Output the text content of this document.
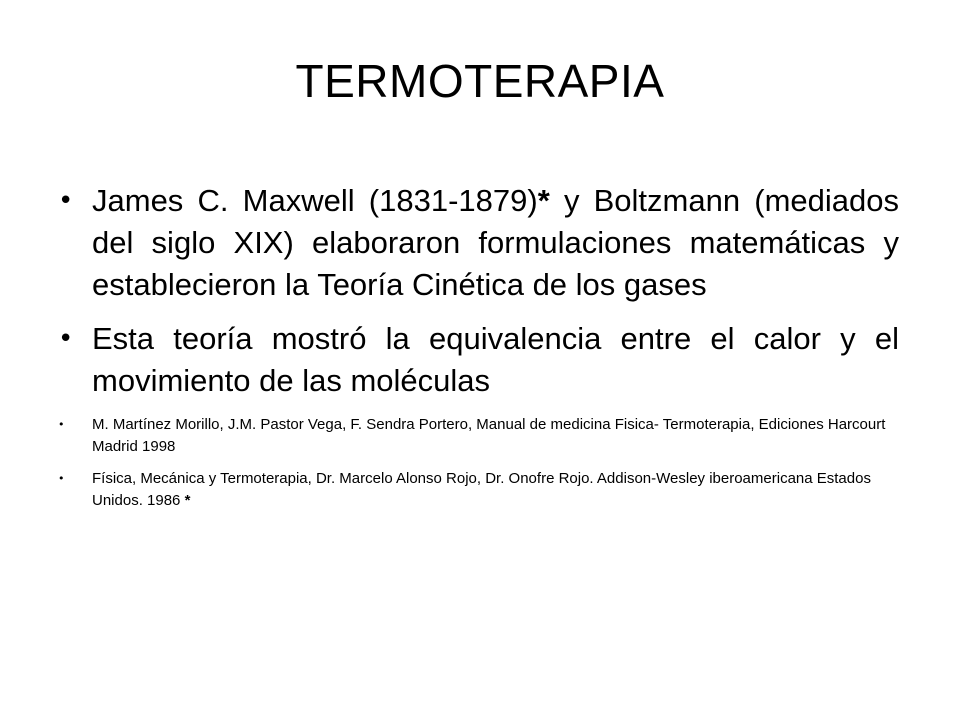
TERMOTERAPIA
• James C. Maxwell (1831-1879)* y Boltzmann (mediados del siglo XIX) elaboraron formulaciones matemáticas y establecieron la Teoría Cinética de los gases
• Esta teoría mostró la equivalencia entre el calor y el movimiento de las moléculas
• M. Martínez Morillo, J.M. Pastor Vega, F. Sendra Portero, Manual de medicina Fisica- Termoterapia, Ediciones Harcourt Madrid 1998
• Física, Mecánica y Termoterapia, Dr. Marcelo Alonso Rojo, Dr. Onofre Rojo. Addison-Wesley iberoamericana Estados Unidos. 1986 *
